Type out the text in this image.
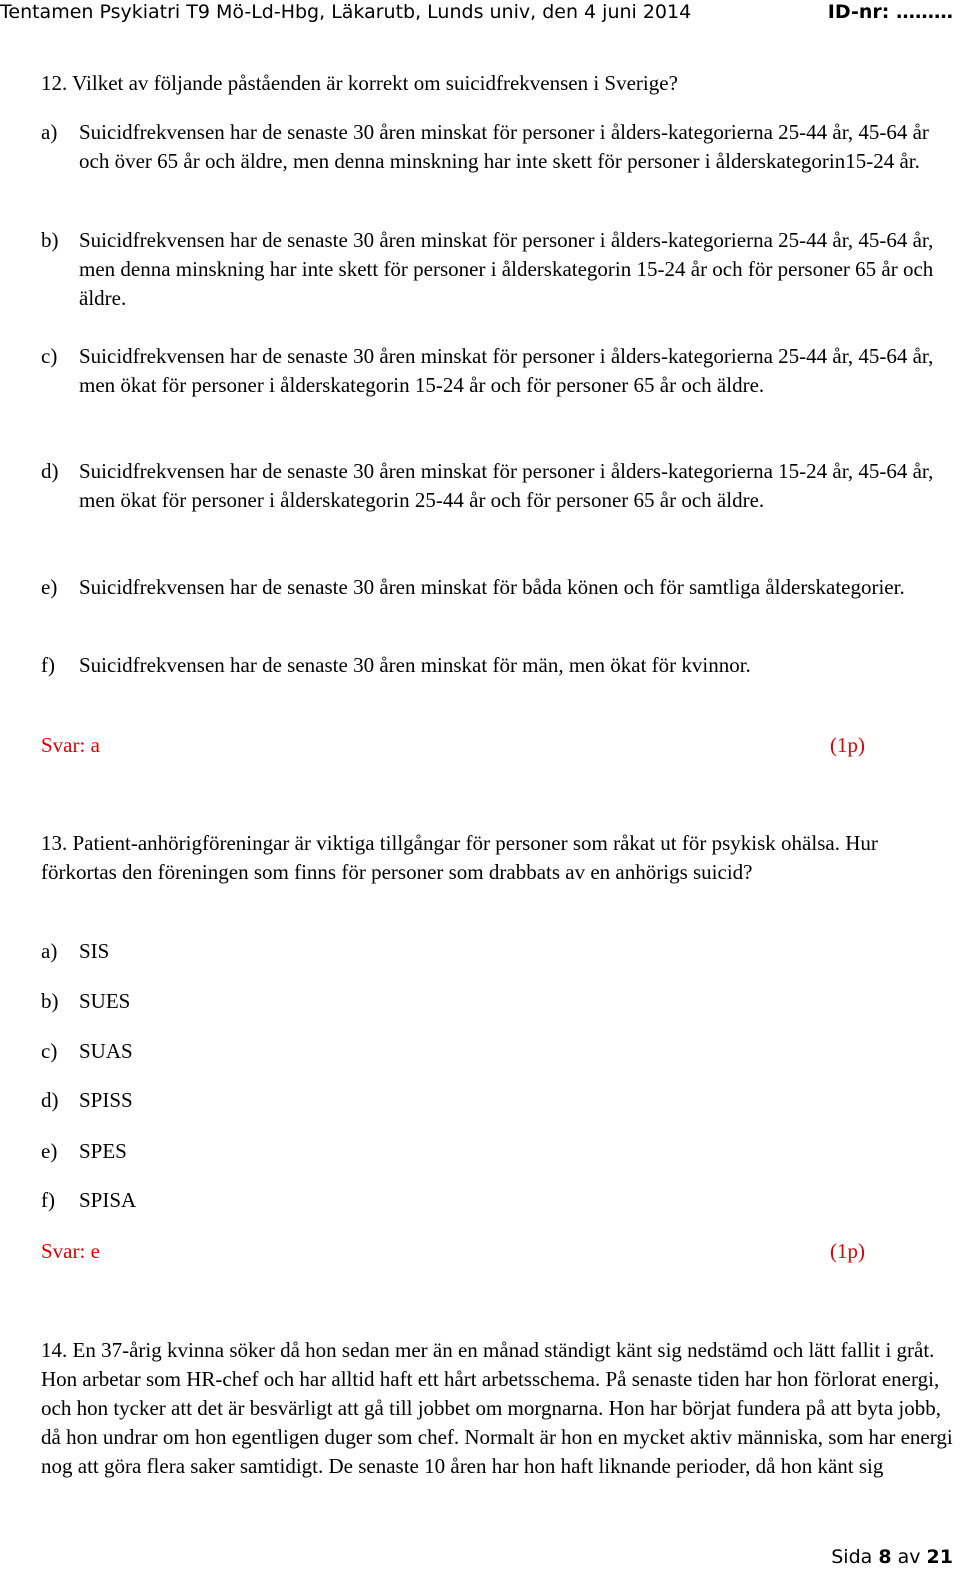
Tentamen Psykiatri T9 Mö-Ld-Hbg, Läkarutb, Lunds univ, den 4 juni 2014	ID-nr: ………
12. Vilket av följande påståenden är korrekt om suicidfrekvensen i Sverige?
a) Suicidfrekvensen har de senaste 30 åren minskat för personer i ålders-kategorierna 25-44 år, 45-64 år och över 65 år och äldre, men denna minskning har inte skett för personer i ålderskategorin15-24 år.
b) Suicidfrekvensen har de senaste 30 åren minskat för personer i ålders-kategorierna 25-44 år, 45-64 år, men denna minskning har inte skett för personer i ålderskategorin 15-24 år och för personer 65 år och äldre.
c) Suicidfrekvensen har de senaste 30 åren minskat för personer i ålders-kategorierna 25-44 år, 45-64 år, men ökat för personer i ålderskategorin 15-24 år och för personer 65 år och äldre.
d) Suicidfrekvensen har de senaste 30 åren minskat för personer i ålders-kategorierna 15-24 år, 45-64 år, men ökat för personer i ålderskategorin 25-44 år och för personer 65 år och äldre.
e) Suicidfrekvensen har de senaste 30 åren minskat för båda könen och för samtliga ålderskategorier.
f) Suicidfrekvensen har de senaste 30 åren minskat för män, men ökat för kvinnor.
Svar: a	(1p)
13. Patient-anhörigföreningar är viktiga tillgångar för personer som råkat ut för psykisk ohälsa. Hur förkortas den föreningen som finns för personer som drabbats av en anhörigs suicid?
a) SIS
b) SUES
c) SUAS
d) SPISS
e) SPES
f) SPISA
Svar: e	(1p)
14. En 37-årig kvinna söker då hon sedan mer än en månad ständigt känt sig nedstämd och lätt fallit i gråt. Hon arbetar som HR-chef och har alltid haft ett hårt arbetsschema. På senaste tiden har hon förlorat energi, och hon tycker att det är besvärligt att gå till jobbet om morgnarna. Hon har börjat fundera på att byta jobb, då hon undrar om hon egentligen duger som chef. Normalt är hon en mycket aktiv människa, som har energi nog att göra flera saker samtidigt. De senaste 10 åren har hon haft liknande perioder, då hon känt sig
Sida 8 av 21
